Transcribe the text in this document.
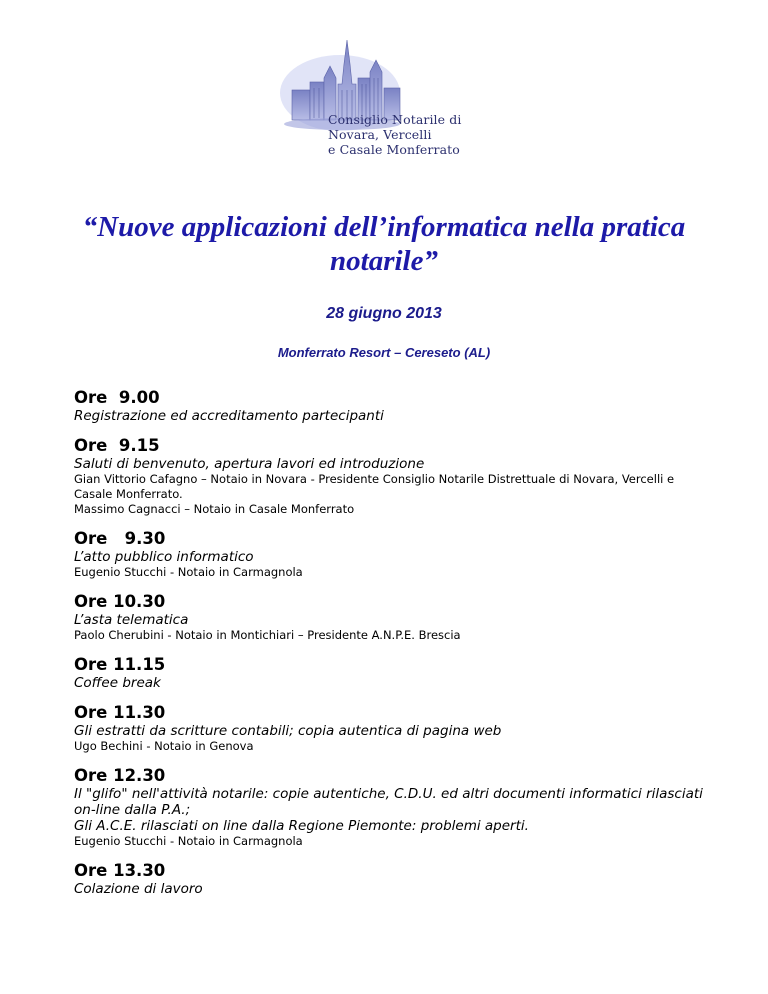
Consiglio Notarile di
Novara, Vercelli
e Casale Monferrato
“Nuove applicazioni dell’informatica nella pratica notarile”
28 giugno 2013
Monferrato Resort – Cereseto (AL)
Ore  9.00
Registrazione ed accreditamento partecipanti
Ore  9.15
Saluti di benvenuto, apertura lavori ed introduzione
Gian Vittorio Cafagno – Notaio in Novara - Presidente Consiglio Notarile Distrettuale di Novara, Vercelli e Casale Monferrato.
Massimo Cagnacci – Notaio in Casale Monferrato
Ore   9.30
L’atto pubblico informatico
Eugenio Stucchi - Notaio in Carmagnola
Ore 10.30
L’asta telematica
Paolo Cherubini - Notaio in Montichiari – Presidente A.N.P.E. Brescia
Ore 11.15
Coffee break
Ore 11.30
Gli estratti da scritture contabili; copia autentica di pagina web
Ugo Bechini - Notaio in Genova
Ore 12.30
Il "glifo" nell'attività notarile: copie autentiche, C.D.U. ed altri documenti informatici rilasciati on-line dalla P.A.;
Gli A.C.E. rilasciati on line dalla Regione Piemonte: problemi aperti.
Eugenio Stucchi - Notaio in Carmagnola
Ore 13.30
Colazione di lavoro
